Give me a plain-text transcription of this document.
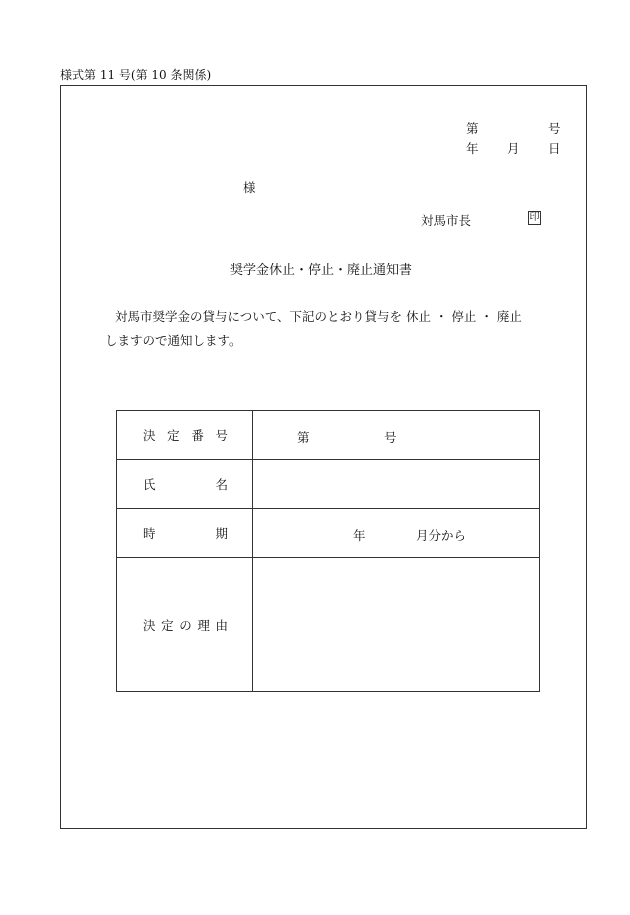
様式第 11 号(第 10 条関係)
第	号
年 月 日
様
対馬市長	印
奨学金休止・停止・廃止通知書
対馬市奨学金の貸与について、下記のとおり貸与を 休止 ・ 停止 ・ 廃止
しますので通知します。
決 定 番 号	第 号

氏 名	

時 期	年 月分から

決 定 の 理 由	
